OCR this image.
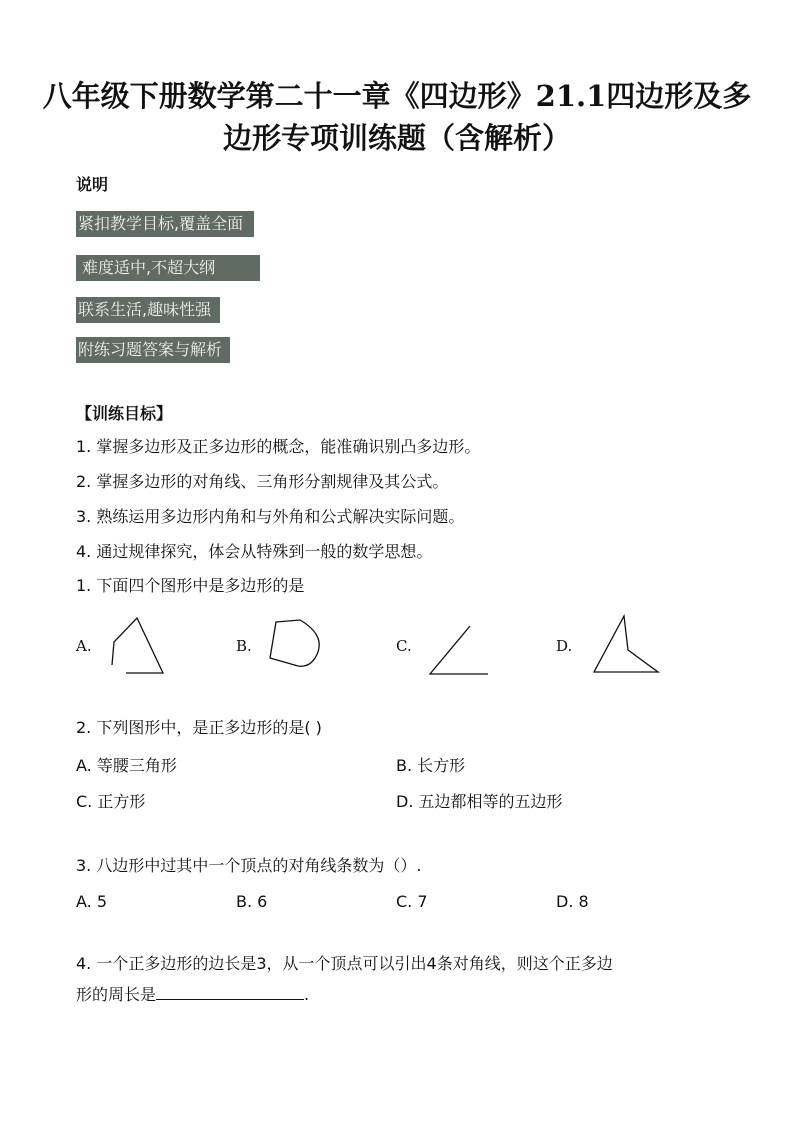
八年级下册数学第二十一章《四边形》21.1四边形及多
边形专项训练题（含解析）
说明
紧扣教学目标,覆盖全面
难度适中,不超大纲
联系生活,趣味性强
附练习题答案与解析
【训练目标】
1. 掌握多边形及正多边形的概念，能准确识别凸多边形。
2. 掌握多边形的对角线、三角形分割规律及其公式。
3. 熟练运用多边形内角和与外角和公式解决实际问题。
4. 通过规律探究，体会从特殊到一般的数学思想。
1. 下面四个图形中是多边形的是
A.	B.	C.	D.
2. 下列图形中，是正多边形的是( )
A. 等腰三角形	B. 长方形
C. 正方形	D. 五边都相等的五边形
3. 八边形中过其中一个顶点的对角线条数为（）.
A. 5	B. 6	C. 7	D. 8
4. 一个正多边形的边长是3，从一个顶点可以引出4条对角线，则这个正多边
形的周长是	.
